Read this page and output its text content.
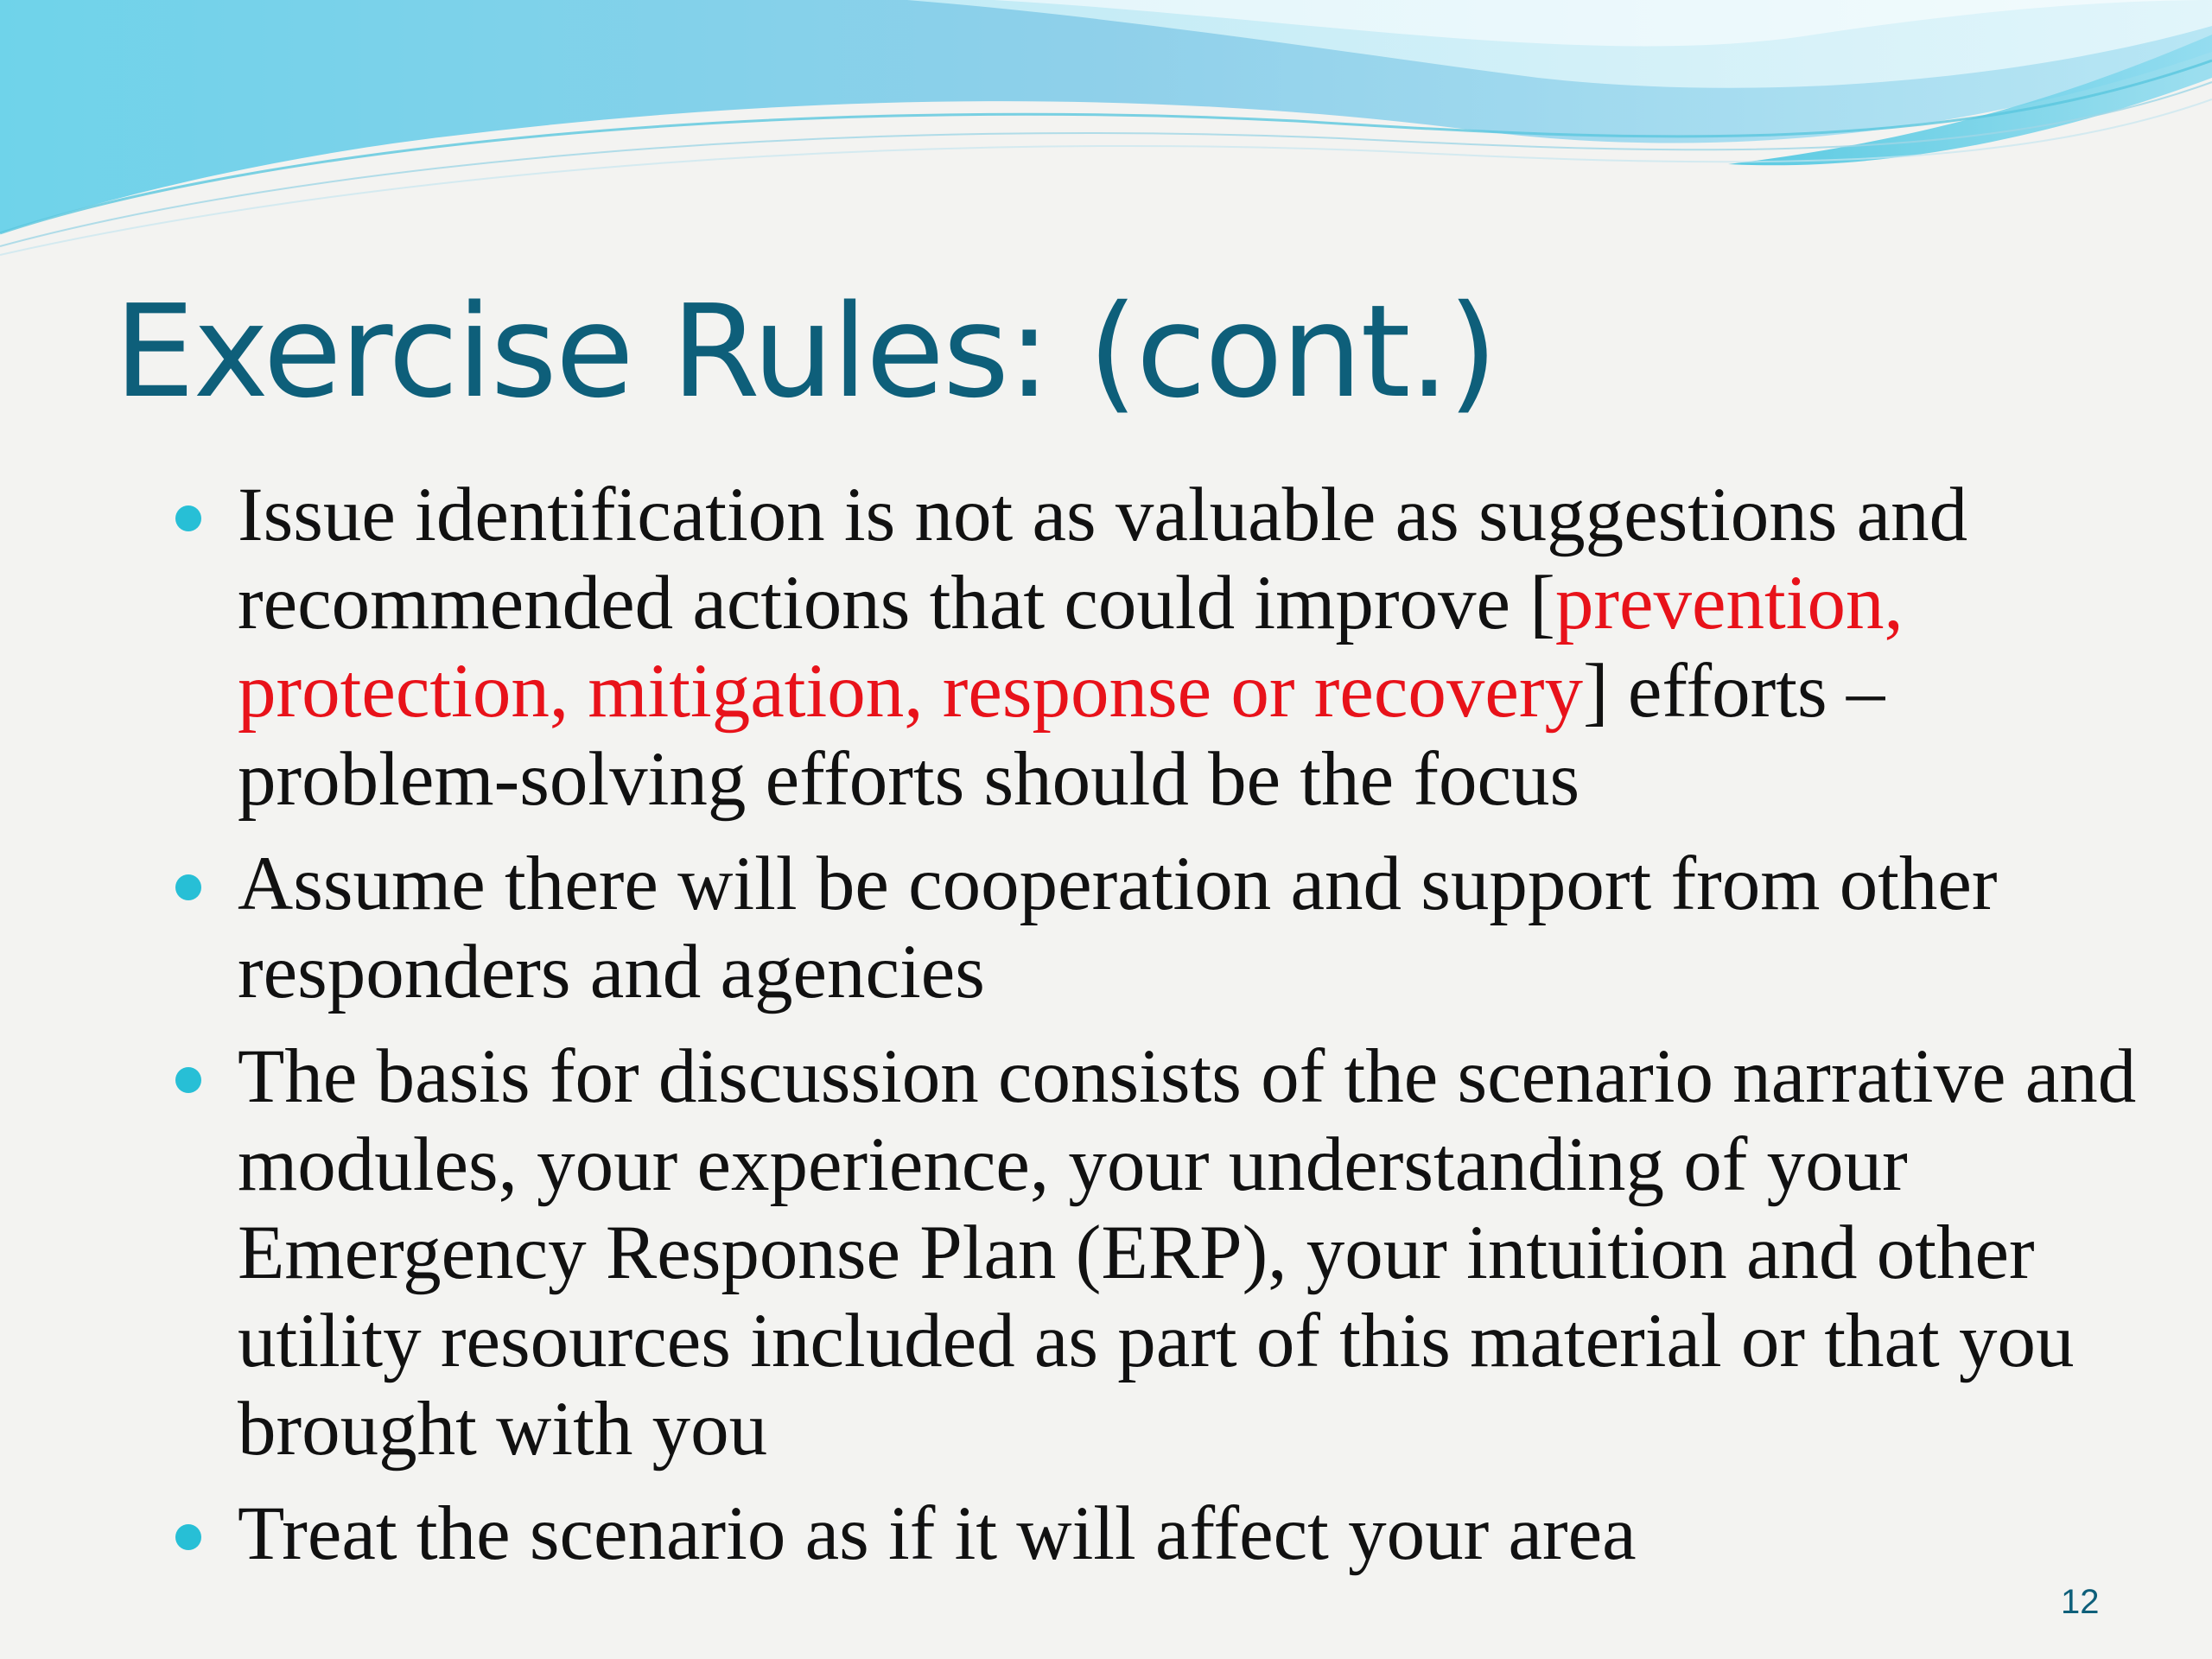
Exercise Rules: (cont.)
Issue identification is not as valuable as suggestions and recommended actions that could improve [prevention, protection, mitigation, response or recovery] efforts – problem-solving efforts should be the focus
Assume there will be cooperation and support from other responders and agencies
The basis for discussion consists of the scenario narrative and modules, your experience, your understanding of your Emergency Response Plan (ERP), your intuition and other utility resources included as part of this material or that you brought with you
Treat the scenario as if it will affect your area
12
